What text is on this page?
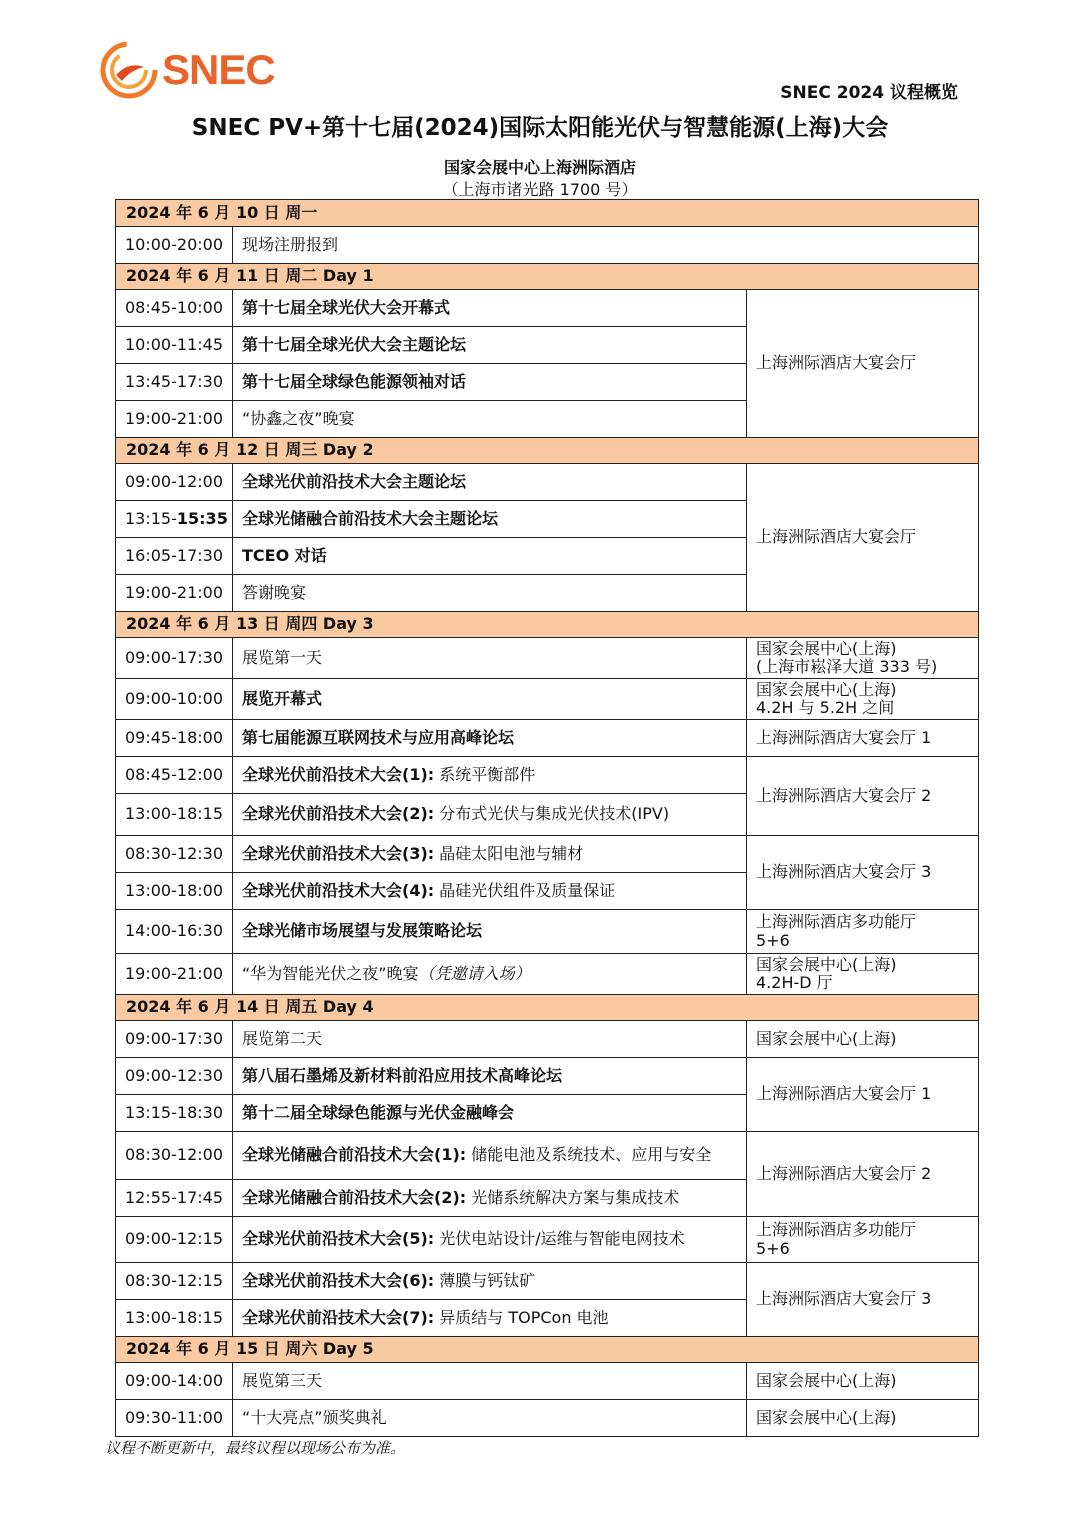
SNEC	SNEC 2024 议程概览
SNEC PV+第十七届(2024)国际太阳能光伏与智慧能源(上海)大会
国家会展中心上海洲际酒店
（上海市诸光路 1700 号）
2024 年 6 月 10 日 周一		
10:00-20:00	现场注册报到	
2024 年 6 月 11 日 周二 Day 1		
08:45-10:00	第十七届全球光伏大会开幕式	上海洲际酒店大宴会厅
10:00-11:45	第十七届全球光伏大会主题论坛	
13:45-17:30	第十七届全球绿色能源领袖对话	
19:00-21:00	“协鑫之夜”晚宴	
2024 年 6 月 12 日 周三 Day 2		
09:00-12:00	全球光伏前沿技术大会主题论坛	上海洲际酒店大宴会厅
13:15-15:35	全球光储融合前沿技术大会主题论坛	
16:05-17:30	TCEO 对话	
19:00-21:00	答谢晚宴	
2024 年 6 月 13 日 周四 Day 3		
09:00-17:30	展览第一天	国家会展中心(上海)
(上海市崧泽大道 333 号)

09:00-10:00	展览开幕式	国家会展中心(上海)
4.2H 与 5.2H 之间

09:45-18:00	第七届能源互联网技术与应用高峰论坛	上海洲际酒店大宴会厅 1
08:45-12:00	全球光伏前沿技术大会(1): 系统平衡部件	上海洲际酒店大宴会厅 2
13:00-18:15	全球光伏前沿技术大会(2): 分布式光伏与集成光伏技术(IPV)	
08:30-12:30	全球光伏前沿技术大会(3): 晶硅太阳电池与辅材	上海洲际酒店大宴会厅 3
13:00-18:00	全球光伏前沿技术大会(4): 晶硅光伏组件及质量保证	
14:00-16:30	全球光储市场展望与发展策略论坛	上海洲际酒店多功能厅
5+6

19:00-21:00	“华为智能光伏之夜”晚宴（凭邀请入场）	国家会展中心(上海)
4.2H-D 厅

2024 年 6 月 14 日 周五 Day 4		
09:00-17:30	展览第二天	国家会展中心(上海)
09:00-12:30	第八届石墨烯及新材料前沿应用技术高峰论坛	上海洲际酒店大宴会厅 1
13:15-18:30	第十二届全球绿色能源与光伏金融峰会	
08:30-12:00	全球光储融合前沿技术大会(1): 储能电池及系统技术、应用与安全	上海洲际酒店大宴会厅 2
12:55-17:45	全球光储融合前沿技术大会(2): 光储系统解决方案与集成技术	
09:00-12:15	全球光伏前沿技术大会(5): 光伏电站设计/运维与智能电网技术	上海洲际酒店多功能厅
5+6

08:30-12:15	全球光伏前沿技术大会(6): 薄膜与钙钛矿	上海洲际酒店大宴会厅 3
13:00-18:15	全球光伏前沿技术大会(7): 异质结与 TOPCon 电池	
2024 年 6 月 15 日 周六 Day 5		
09:00-14:00	展览第三天	国家会展中心(上海)
09:30-11:00	“十大亮点”颁奖典礼	国家会展中心(上海)
议程不断更新中，最终议程以现场公布为准。
